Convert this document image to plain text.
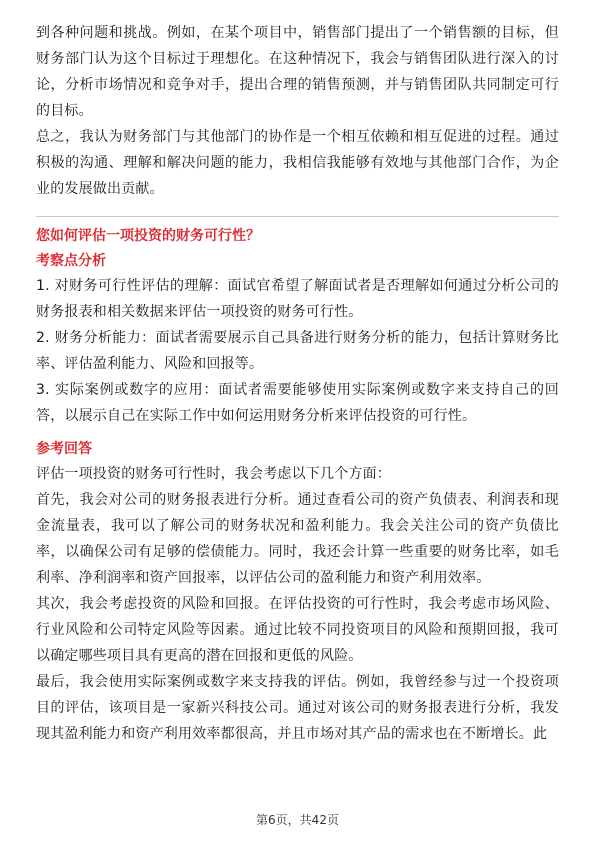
到各种问题和挑战。例如，在某个项目中，销售部门提出了一个销售额的目标，但财务部门认为这个目标过于理想化。在这种情况下，我会与销售团队进行深入的讨论，分析市场情况和竞争对手，提出合理的销售预测，并与销售团队共同制定可行的目标。

总之，我认为财务部门与其他部门的协作是一个相互依赖和相互促进的过程。通过积极的沟通、理解和解决问题的能力，我相信我能够有效地与其他部门合作，为企业的发展做出贡献。

您如何评估一项投资的财务可行性？
考察点分析

1. 对财务可行性评估的理解：面试官希望了解面试者是否理解如何通过分析公司的财务报表和相关数据来评估一项投资的财务可行性。

2. 财务分析能力：面试者需要展示自己具备进行财务分析的能力，包括计算财务比率、评估盈利能力、风险和回报等。

3. 实际案例或数字的应用：面试者需要能够使用实际案例或数字来支持自己的回答，以展示自己在实际工作中如何运用财务分析来评估投资的可行性。

参考回答

评估一项投资的财务可行性时，我会考虑以下几个方面：

首先，我会对公司的财务报表进行分析。通过查看公司的资产负债表、利润表和现金流量表，我可以了解公司的财务状况和盈利能力。我会关注公司的资产负债比率，以确保公司有足够的偿债能力。同时，我还会计算一些重要的财务比率，如毛利率、净利润率和资产回报率，以评估公司的盈利能力和资产利用效率。

其次，我会考虑投资的风险和回报。在评估投资的可行性时，我会考虑市场风险、行业风险和公司特定风险等因素。通过比较不同投资项目的风险和预期回报，我可以确定哪些项目具有更高的潜在回报和更低的风险。

最后，我会使用实际案例或数字来支持我的评估。例如，我曾经参与过一个投资项目的评估，该项目是一家新兴科技公司。通过对该公司的财务报表进行分析，我发现其盈利能力和资产利用效率都很高，并且市场对其产品的需求也在不断增长。此

第6页，共42页
